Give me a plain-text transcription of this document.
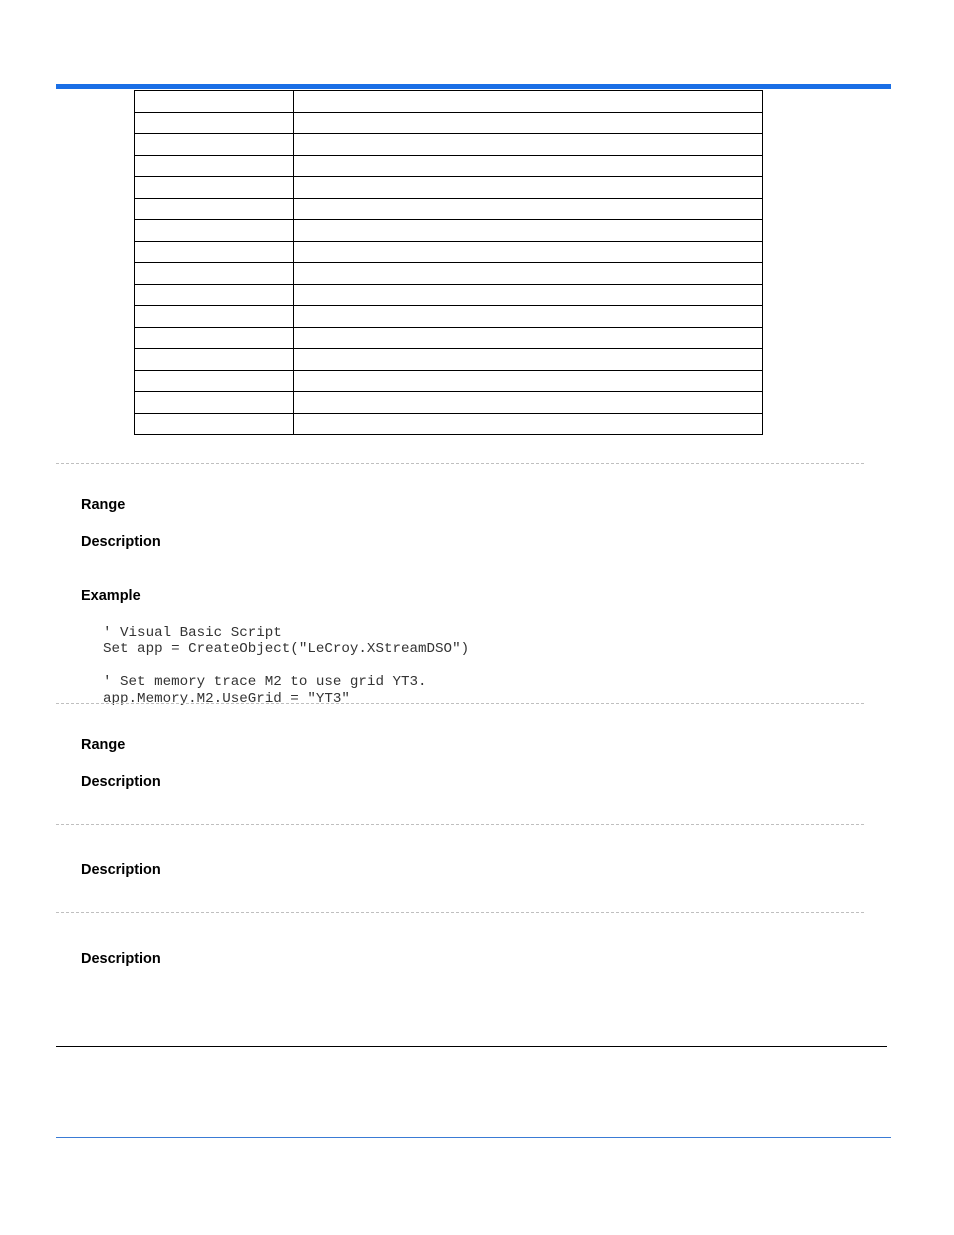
Range
Description
Example

' Visual Basic Script
Set app = CreateObject("LeCroy.XStreamDSO")
' Set memory trace M2 to use grid YT3.
app.Memory.M2.UseGrid = "YT3"
Range
Description
Description
Description
